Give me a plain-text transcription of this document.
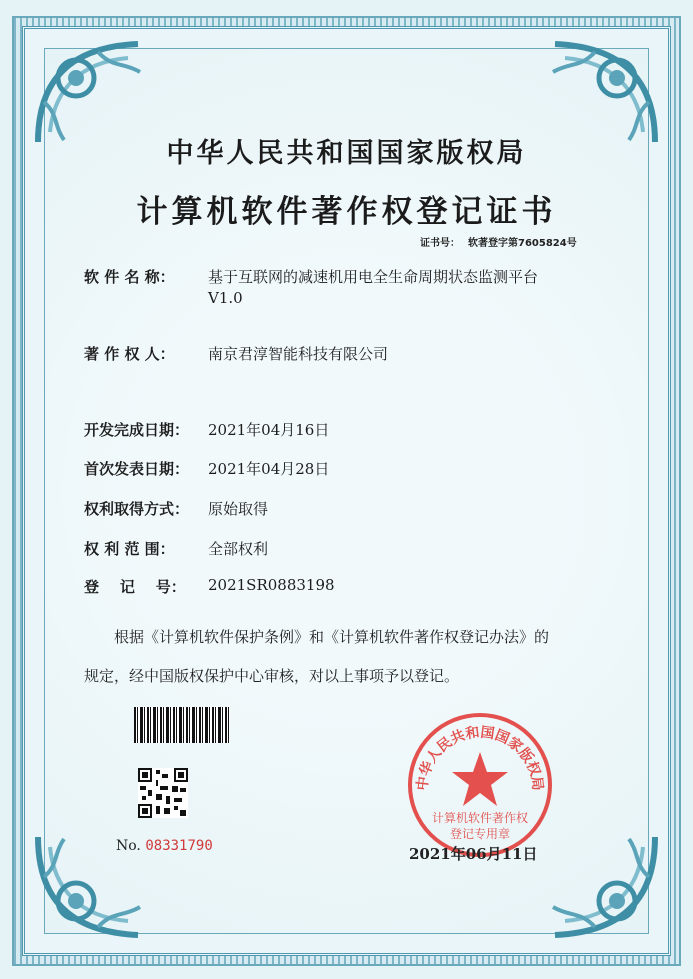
中华人民共和国国家版权局
计算机软件著作权登记证书
证书号： 软著登字第7605824号
软 件 名 称： 基于互联网的减速机用电全生命周期状态监测平台
V1.0
著 作 权 人： 南京君淳智能科技有限公司
开发完成日期： 2021年04月16日
首次发表日期： 2021年04月28日
权利取得方式： 原始取得
权 利 范 围： 全部权利
登    记    号： 2021SR0883198
根据《计算机软件保护条例》和《计算机软件著作权登记办法》的
规定，经中国版权保护中心审核，对以上事项予以登记。
No. 08331790
中华人民共和国国家版权局
计算机软件著作权
登记专用章
2021年06月11日
